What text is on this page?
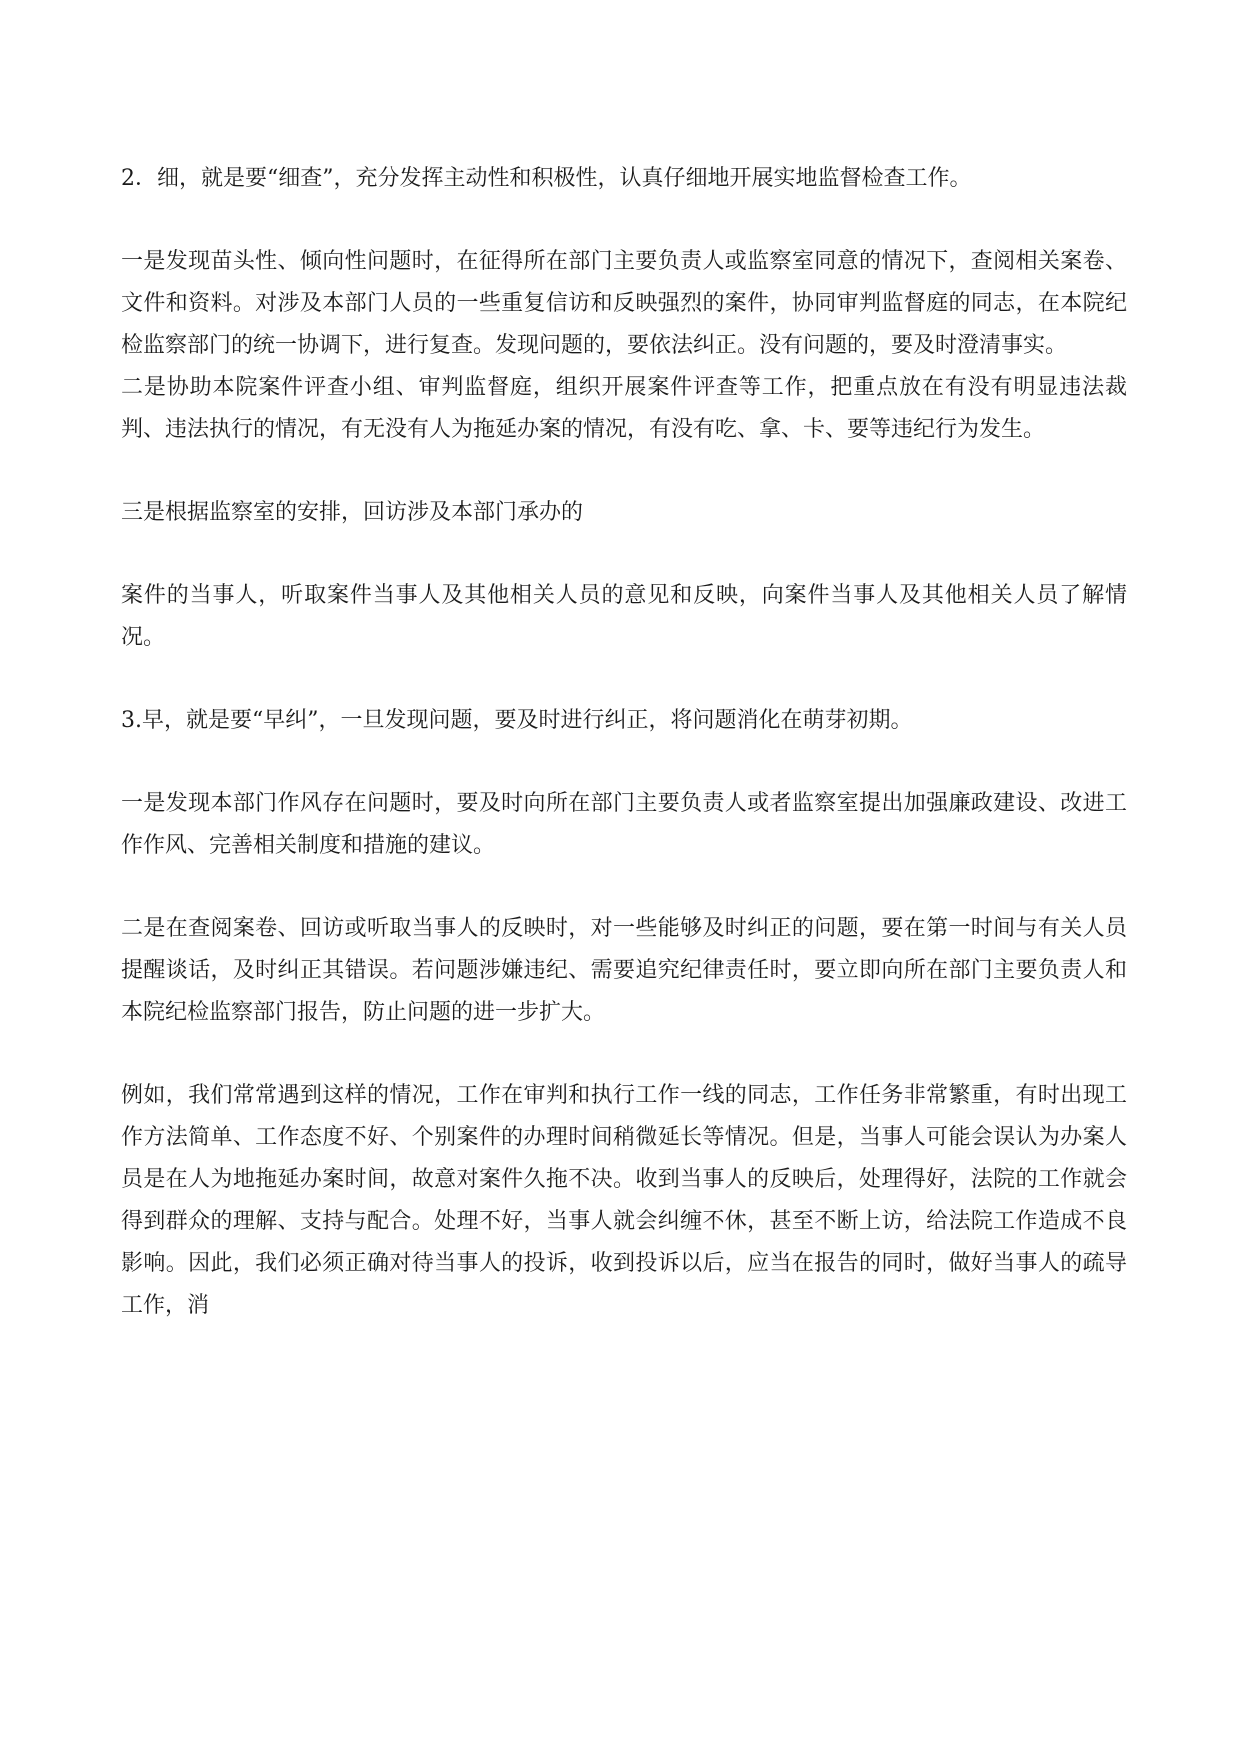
2．细，就是要“细查”，充分发挥主动性和积极性，认真仔细地开展实地监督检查工作。

一是发现苗头性、倾向性问题时，在征得所在部门主要负责人或监察室同意的情况下，查阅相关案卷、文件和资料。对涉及本部门人员的一些重复信访和反映强烈的案件，协同审判监督庭的同志，在本院纪检监察部门的统一协调下，进行复查。发现问题的，要依法纠正。没有问题的，要及时澄清事实。

二是协助本院案件评查小组、审判监督庭，组织开展案件评查等工作，把重点放在有没有明显违法裁判、违法执行的情况，有无没有人为拖延办案的情况，有没有吃、拿、卡、要等违纪行为发生。

三是根据监察室的安排，回访涉及本部门承办的

案件的当事人，听取案件当事人及其他相关人员的意见和反映，向案件当事人及其他相关人员了解情况。

3.早，就是要“早纠”，一旦发现问题，要及时进行纠正，将问题消化在萌芽初期。

一是发现本部门作风存在问题时，要及时向所在部门主要负责人或者监察室提出加强廉政建设、改进工作作风、完善相关制度和措施的建议。

二是在查阅案卷、回访或听取当事人的反映时，对一些能够及时纠正的问题，要在第一时间与有关人员提醒谈话，及时纠正其错误。若问题涉嫌违纪、需要追究纪律责任时，要立即向所在部门主要负责人和本院纪检监察部门报告，防止问题的进一步扩大。

例如，我们常常遇到这样的情况，工作在审判和执行工作一线的同志，工作任务非常繁重，有时出现工作方法简单、工作态度不好、个别案件的办理时间稍微延长等情况。但是，当事人可能会误认为办案人员是在人为地拖延办案时间，故意对案件久拖不决。收到当事人的反映后，处理得好，法院的工作就会得到群众的理解、支持与配合。处理不好，当事人就会纠缠不休，甚至不断上访，给法院工作造成不良影响。因此，我们必须正确对待当事人的投诉，收到投诉以后，应当在报告的同时，做好当事人的疏导工作，消
